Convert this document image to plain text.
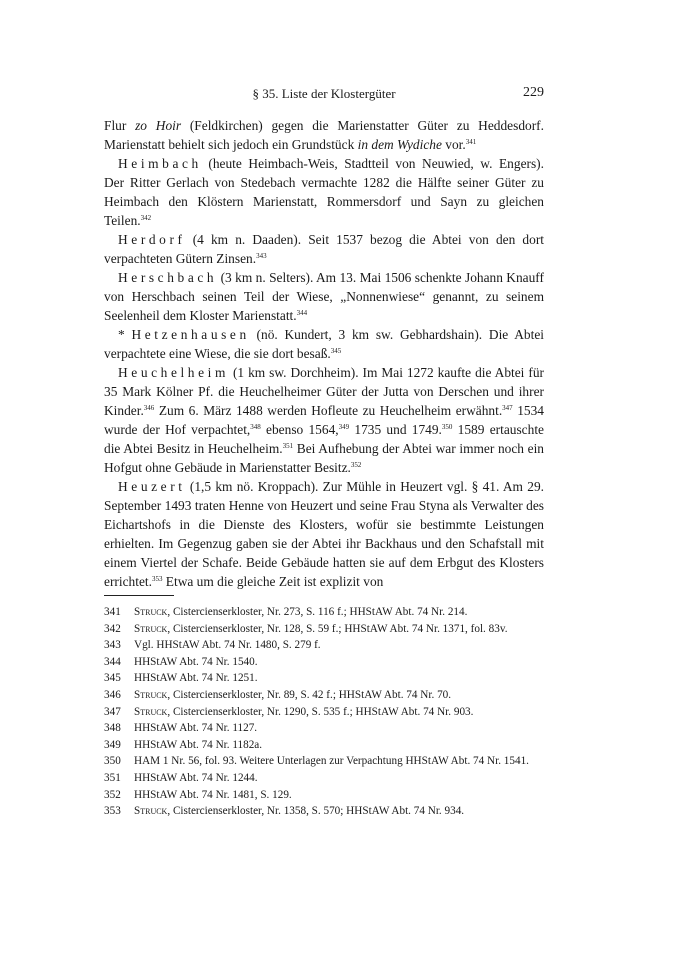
§ 35. Liste der Klostergüter	229

Flur zo Hoir (Feldkirchen) gegen die Marienstatter Güter zu Heddesdorf. Marienstatt behielt sich jedoch ein Grundstück in dem Wydiche vor.$^{341}$

Heimbach (heute Heimbach-Weis, Stadtteil von Neuwied, w. Engers). Der Ritter Gerlach von Stedebach vermachte 1282 die Hälfte seiner Güter zu Heimbach den Klöstern Marienstatt, Rommersdorf und Sayn zu gleichen Teilen.$^{342}$

Herdorf (4 km n. Daaden). Seit 1537 bezog die Abtei von den dort verpachteten Gütern Zinsen.$^{343}$

Herschbach (3 km n. Selters). Am 13. Mai 1506 schenkte Johann Knauff von Herschbach seinen Teil der Wiese, „Nonnenwiese“ genannt, zu seinem Seelenheil dem Kloster Marienstatt.$^{344}$

* Hetzenhausen (nö. Kundert, 3 km sw. Gebhardshain). Die Abtei verpachtete eine Wiese, die sie dort besaß.$^{345}$

Heuchelheim (1 km sw. Dorchheim). Im Mai 1272 kaufte die Abtei für 35 Mark Kölner Pf. die Heuchelheimer Güter der Jutta von Derschen und ihrer Kinder.$^{346}$ Zum 6. März 1488 werden Hofleute zu Heuchelheim erwähnt.$^{347}$ 1534 wurde der Hof verpachtet,$^{348}$ ebenso 1564,$^{349}$ 1735 und 1749.$^{350}$ 1589 ertauschte die Abtei Besitz in Heuchelheim.$^{351}$ Bei Aufhebung der Abtei war immer noch ein Hofgut ohne Gebäude in Marienstatter Besitz.$^{352}$

Heuzert (1,5 km nö. Kroppach). Zur Mühle in Heuzert vgl. § 41. Am 29. September 1493 traten Henne von Heuzert und seine Frau Styna als Verwalter des Eichartshofs in die Dienste des Klosters, wofür sie bestimmte Leistungen erhielten. Im Gegenzug gaben sie der Abtei ihr Backhaus und den Schafstall mit einem Viertel der Schafe. Beide Gebäude hatten sie auf dem Erbgut des Klosters errichtet.$^{353}$ Etwa um die gleiche Zeit ist explizit von

341	Struck, Cistercienserkloster, Nr. 273, S. 116 f.; HHStAW Abt. 74 Nr. 214.
342	Struck, Cistercienserkloster, Nr. 128, S. 59 f.; HHStAW Abt. 74 Nr. 1371, fol. 83v.
343	Vgl. HHStAW Abt. 74 Nr. 1480, S. 279 f.
344	HHStAW Abt. 74 Nr. 1540.
345	HHStAW Abt. 74 Nr. 1251.
346	Struck, Cistercienserkloster, Nr. 89, S. 42 f.; HHStAW Abt. 74 Nr. 70.
347	Struck, Cistercienserkloster, Nr. 1290, S. 535 f.; HHStAW Abt. 74 Nr. 903.
348	HHStAW Abt. 74 Nr. 1127.
349	HHStAW Abt. 74 Nr. 1182a.
350	HAM 1 Nr. 56, fol. 93. Weitere Unterlagen zur Verpachtung HHStAW Abt. 74 Nr. 1541.
351	HHStAW Abt. 74 Nr. 1244.
352	HHStAW Abt. 74 Nr. 1481, S. 129.
353	Struck, Cistercienserkloster, Nr. 1358, S. 570; HHStAW Abt. 74 Nr. 934.
